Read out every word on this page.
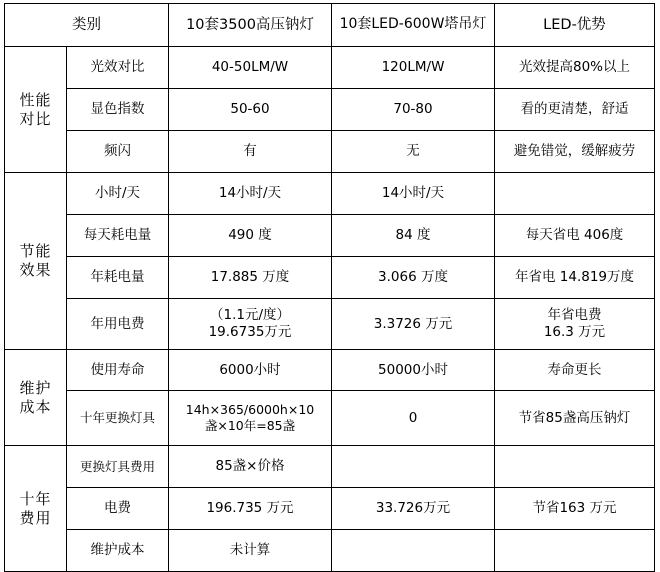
类别		10套3500高压钠灯	10套LED-600W塔吊灯	LED-优势

性能
对比	光效对比	40-50LM/W	120LM/W	光效提高80%以上

	显色指数	50-60	70-80	看的更清楚，舒适

	频闪	有	无	避免错觉，缓解疲劳

节能
效果	小时/天	14小时/天	14小时/天	

	每天耗电量	490 度	84 度	每天省电 406度

	年耗电量	17.885 万度	3.066 万度	年省电 14.819万度

	年用电费	（1.1元/度）
19.6735万元	3.3726 万元	年省电费
16.3 万元

维护
成本	使用寿命	6000小时	50000小时	寿命更长

	十年更换灯具	14h×365/6000h×10
盏×10年=85盏	0	节省85盏高压钠灯

十年
费用	更换灯具费用	85盏×价格		

	电费	196.735 万元	33.726万元	节省163 万元

	维护成本	未计算		
